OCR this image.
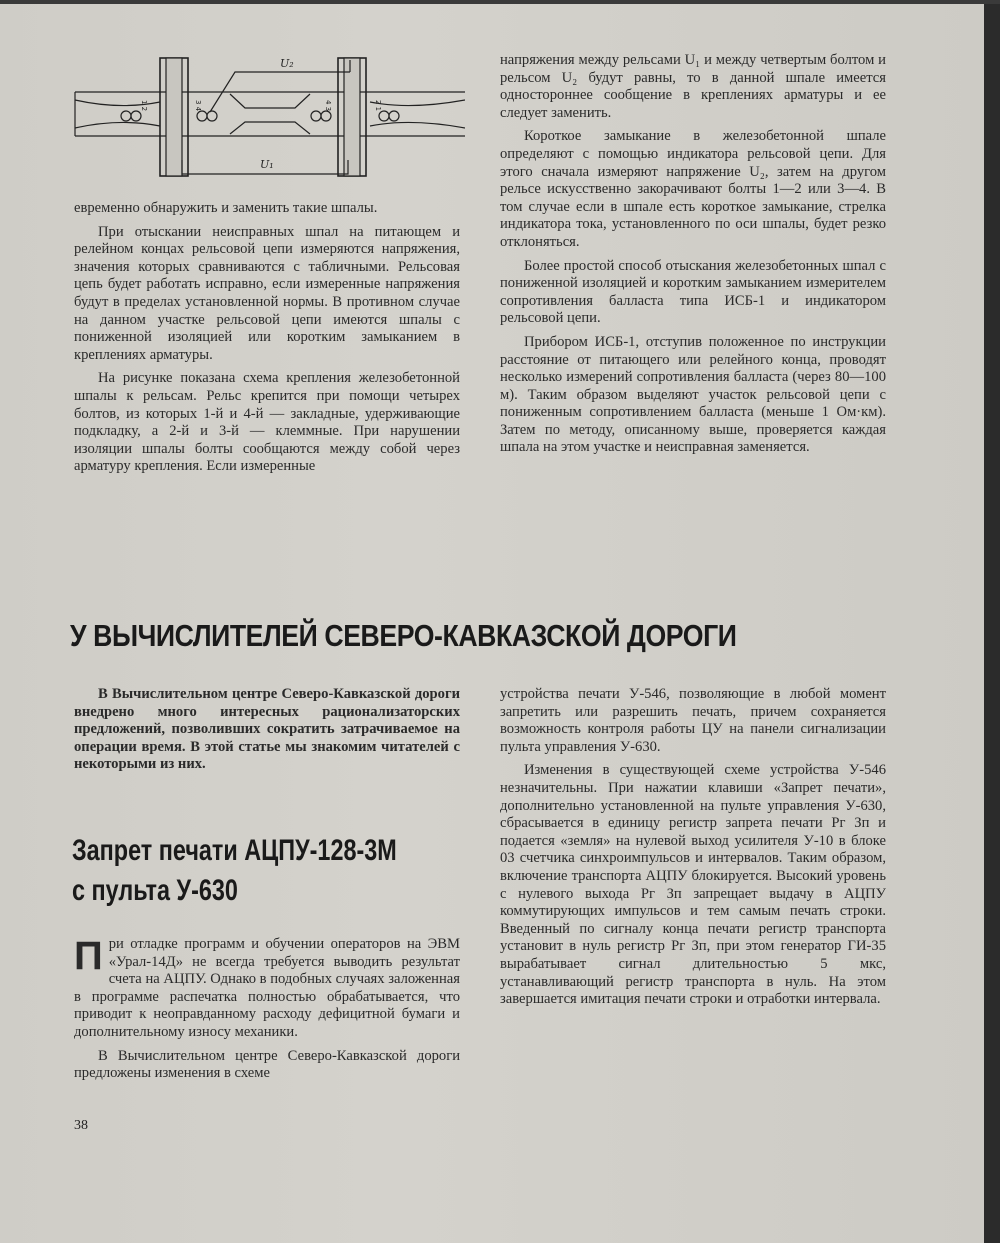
U₂
U₁
1 2	3 4	4 3	2 1

евременно обнаружить и заменить такие шпалы.

При отыскании неисправных шпал на питающем и релейном концах рельсовой цепи измеряются напряжения, значения которых сравниваются с табличными. Рельсовая цепь будет работать исправно, если измеренные напряжения будут в пределах установленной нормы. В противном случае на данном участке рельсовой цепи имеются шпалы с пониженной изоляцией или коротким замыканием в креплениях арматуры.

На рисунке показана схема крепления железобетонной шпалы к рельсам. Рельс крепится при помощи четырех болтов, из которых 1-й и 4-й — закладные, удерживающие подкладку, а 2-й и 3-й — клеммные. При нарушении изоляции шпалы болты сообщаются между собой через арматуру крепления. Если измеренные

напряжения между рельсами U₁ и между четвертым болтом и рельсом U₂ будут равны, то в данной шпале имеется одностороннее сообщение в креплениях арматуры и ее следует заменить.

Короткое замыкание в железобетонной шпале определяют с помощью индикатора рельсовой цепи. Для этого сначала измеряют напряжение U₂, затем на другом рельсе искусственно закорачивают болты 1—2 или 3—4. В том случае если в шпале есть короткое замыкание, стрелка индикатора тока, установленного по оси шпалы, будет резко отклоняться.

Более простой способ отыскания железобетонных шпал с пониженной изоляцией и коротким замыканием измерителем сопротивления балласта типа ИСБ-1 и индикатором рельсовой цепи.

Прибором ИСБ-1, отступив положенное по инструкции расстояние от питающего или релейного конца, проводят несколько измерений сопротивления балласта (через 80—100 м). Таким образом выделяют участок рельсовой цепи с пониженным сопротивлением балласта (меньше 1 Ом·км). Затем по методу, описанному выше, проверяется каждая шпала на этом участке и неисправная заменяется.

У ВЫЧИСЛИТЕЛЕЙ СЕВЕРО-КАВКАЗСКОЙ ДОРОГИ

В Вычислительном центре Северо-Кавказской дороги внедрено много интересных рационализаторских предложений, позволивших сократить затрачиваемое на операции время. В этой статье мы знакомим читателей с некоторыми из них.

Запрет печати АЦПУ-128-3М
с пульта У-630

При отладке программ и обучении операторов на ЭВМ «Урал-14Д» не всегда требуется выводить результат счета на АЦПУ. Однако в подобных случаях заложенная в программе распечатка полностью обрабатывается, что приводит к неоправданному расходу дефицитной бумаги и дополнительному износу механики.

В Вычислительном центре Северо-Кавказской дороги предложены изменения в схеме

устройства печати У-546, позволяющие в любой момент запретить или разрешить печать, причем сохраняется возможность контроля работы ЦУ на панели сигнализации пульта управления У-630.

Изменения в существующей схеме устройства У-546 незначительны. При нажатии клавиши «Запрет печати», дополнительно установленной на пульте управления У-630, сбрасывается в единицу регистр запрета печати Рг Зп и подается «земля» на нулевой выход усилителя У-10 в блоке 03 счетчика синхроимпульсов и интервалов. Таким образом, включение транспорта АЦПУ блокируется. Высокий уровень с нулевого выхода Рг Зп запрещает выдачу в АЦПУ коммутирующих импульсов и тем самым печать строки. Введенный по сигналу конца печати регистр транспорта установит в нуль регистр Рг Зп, при этом генератор ГИ-35 вырабатывает сигнал длительностью 5 мкс, устанавливающий регистр транспорта в нуль. На этом завершается имитация печати строки и отработки интервала.

38
